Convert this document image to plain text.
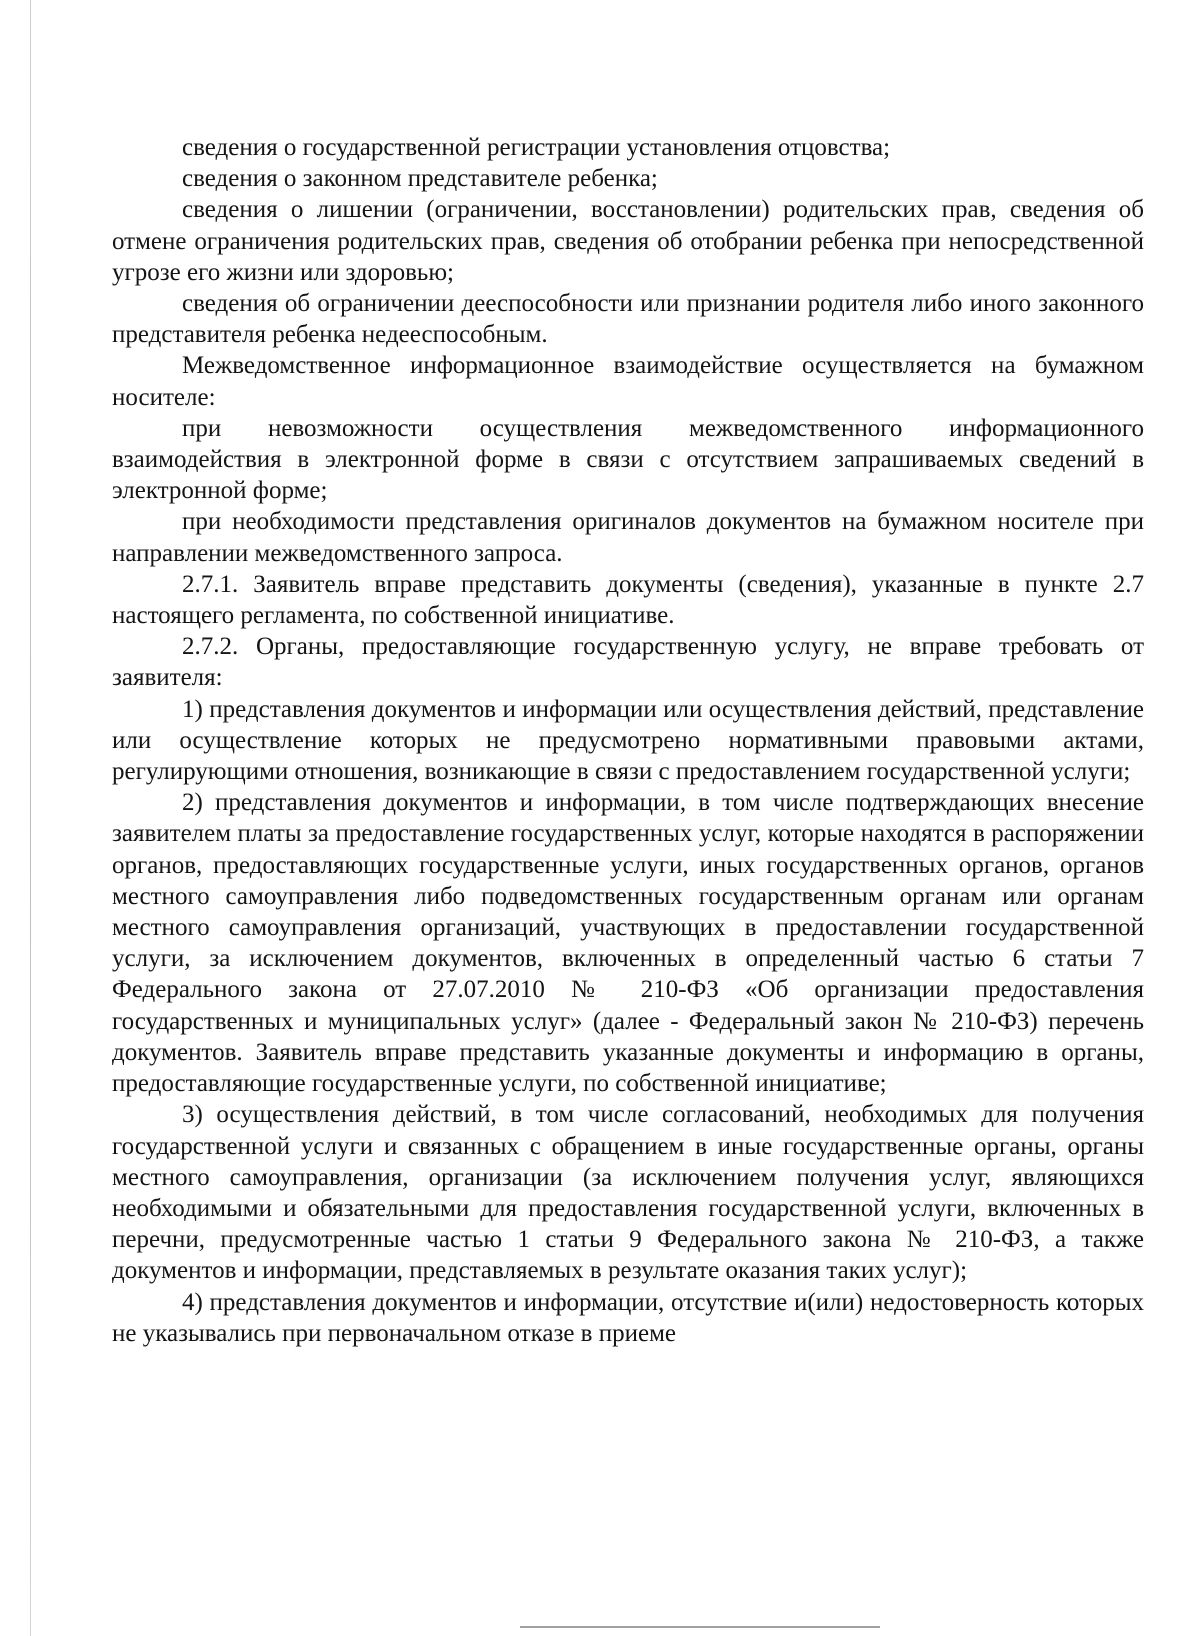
сведения о государственной регистрации установления отцовства;

сведения о законном представителе ребенка;

сведения о лишении (ограничении, восстановлении) родительских прав, сведения об отмене ограничения родительских прав, сведения об отобрании ребенка при непосредственной угрозе его жизни или здоровью;

сведения об ограничении дееспособности или признании родителя либо иного законного представителя ребенка недееспособным.

Межведомственное информационное взаимодействие осуществляется на бумажном носителе:

при невозможности осуществления межведомственного информационного взаимодействия в электронной форме в связи с отсутствием запрашиваемых сведений в электронной форме;

при необходимости представления оригиналов документов на бумажном носителе при направлении межведомственного запроса.

2.7.1. Заявитель вправе представить документы (сведения), указанные в пункте 2.7 настоящего регламента, по собственной инициативе.

2.7.2. Органы, предоставляющие государственную услугу, не вправе требовать от заявителя:

1) представления документов и информации или осуществления действий, представление или осуществление которых не предусмотрено нормативными правовыми актами, регулирующими отношения, возникающие в связи с предоставлением государственной услуги;

2) представления документов и информации, в том числе подтверждающих внесение заявителем платы за предоставление государственных услуг, которые находятся в распоряжении органов, предоставляющих государственные услуги, иных государственных органов, органов местного самоуправления либо подведомственных государственным органам или органам местного самоуправления организаций, участвующих в предоставлении государственной услуги, за исключением документов, включенных в определенный частью 6 статьи 7 Федерального закона от 27.07.2010 № 210-ФЗ «Об организации предоставления государственных и муниципальных услуг» (далее - Федеральный закон № 210-ФЗ) перечень документов. Заявитель вправе представить указанные документы и информацию в органы, предоставляющие государственные услуги, по собственной инициативе;

3) осуществления действий, в том числе согласований, необходимых для получения государственной услуги и связанных с обращением в иные государственные органы, органы местного самоуправления, организации (за исключением получения услуг, являющихся необходимыми и обязательными для предоставления государственной услуги, включенных в перечни, предусмотренные частью 1 статьи 9 Федерального закона № 210-ФЗ, а также документов и информации, представляемых в результате оказания таких услуг);

4) представления документов и информации, отсутствие и(или) недостоверность которых не указывались при первоначальном отказе в приеме
